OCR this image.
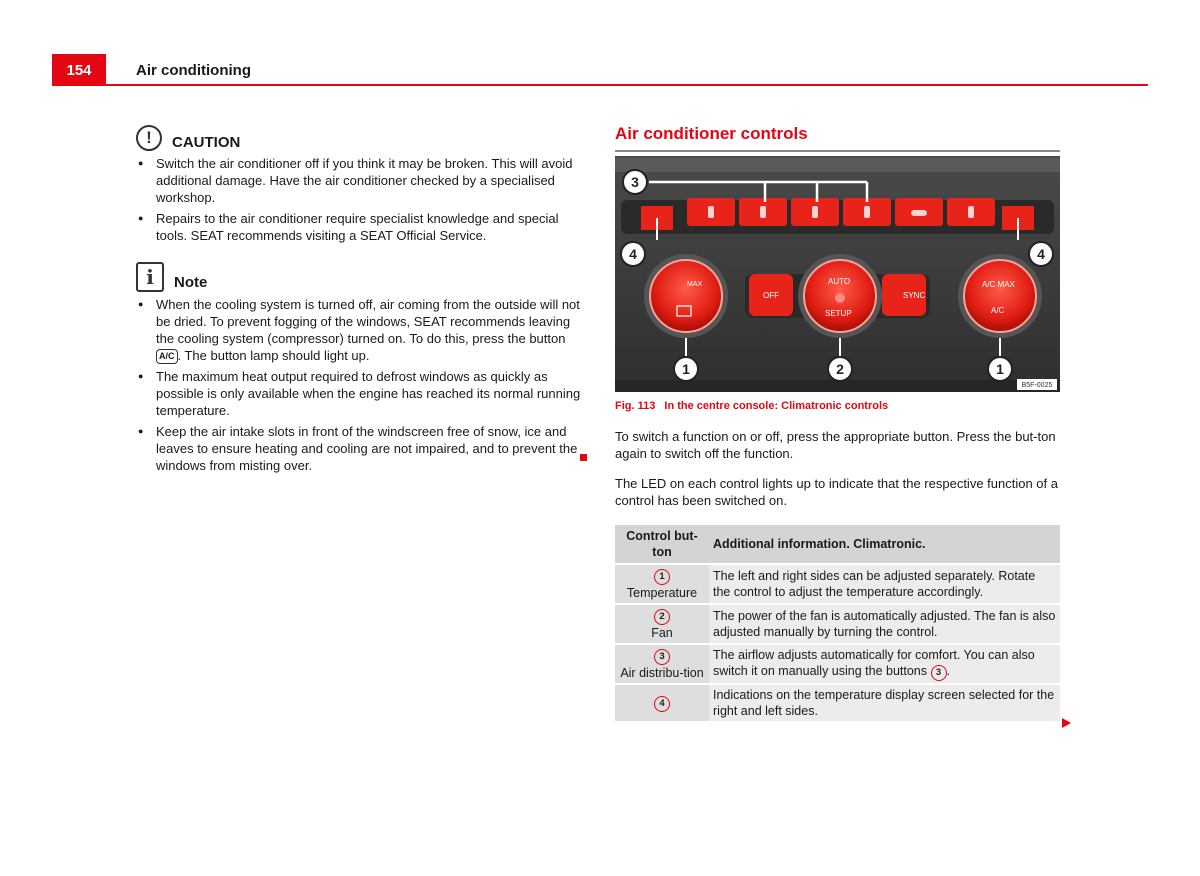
154	Air conditioning
!	CAUTION

● Switch the air conditioner off if you think it may be broken. This will avoid additional damage. Have the air conditioner checked by a specialised workshop.

● Repairs to the air conditioner require specialist knowledge and special tools. SEAT recommends visiting a SEAT Official Service.

i	Note

● When the cooling system is turned off, air coming from the outside will not be dried. To prevent fogging of the windows, SEAT recommends leaving the cooling system (compressor) turned on. To do this, press the button A/C . The button lamp should light up.

● The maximum heat output required to defrost windows as quickly as possible is only available when the engine has reached its normal running temperature.

● Keep the air intake slots in front of the windscreen free of snow, ice and leaves to ensure heating and cooling are not impaired, and to prevent the windows from misting over.

Air conditioner controls
OFF	SYNC
MAX	AUTO
SETUP
A/C MAX
A/C
3
4	4
1	2	1
B5F-0025
Fig. 113 In the centre console: Climatronic controls

To switch a function on or off, press the appropriate button. Press the but-ton again to switch off the function.

The LED on each control lights up to indicate that the respective function of a control has been switched on.

Control but-ton	Additional information. Climatronic.
1
Temperature	The left and right sides can be adjusted separately. Rotate the control to adjust the temperature accordingly.
2
Fan	The power of the fan is automatically adjusted. The fan is also adjusted manually by turning the control.
3
Air distribu-tion	The airflow adjusts automatically for comfort. You can also switch it on manually using the buttons 3 .
4	Indications on the temperature display screen selected for the right and left sides.
